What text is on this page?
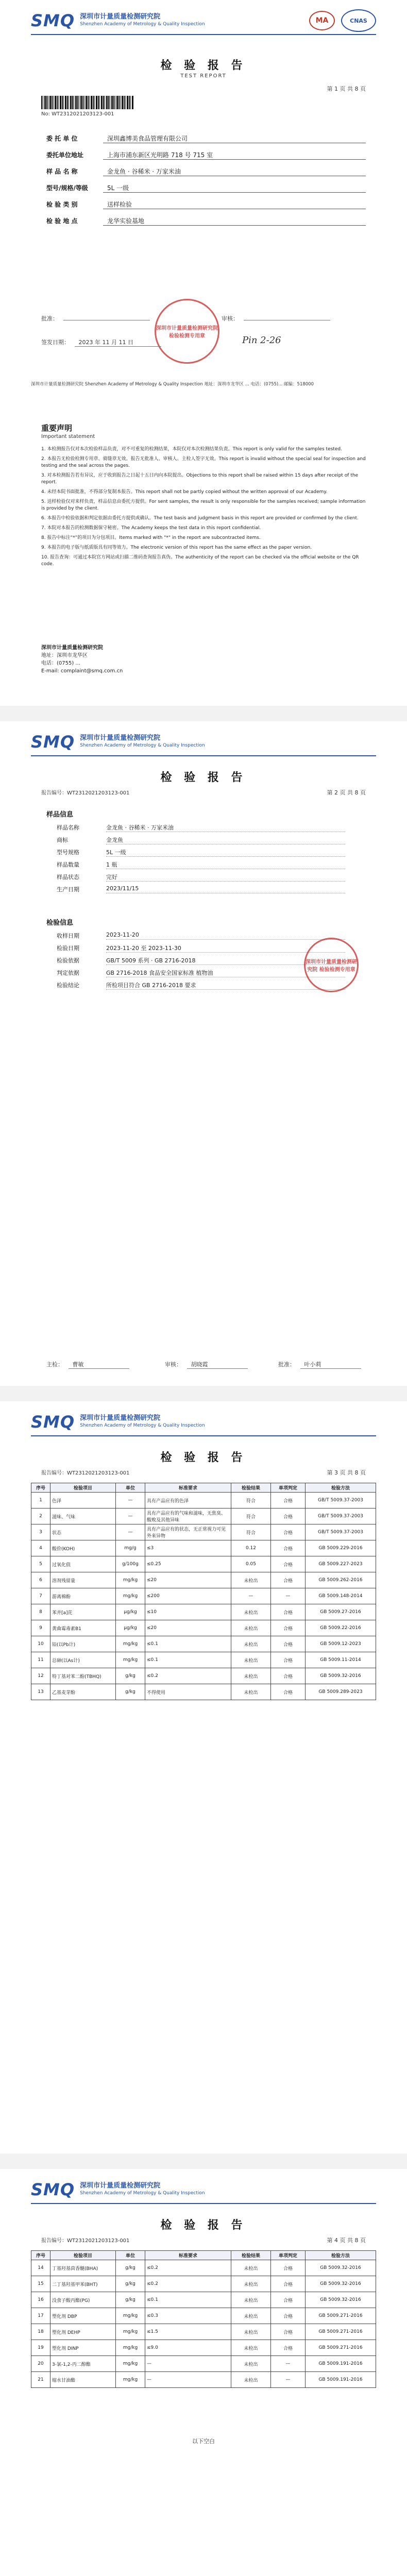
SMQ 深圳市计量质量检测研究院
Shenzhen Academy of Metrology & Quality Inspection	MA	CNAS
检 验 报 告
TEST REPORT
第 1 页 共 8 页
No: WT2312021203123-001
委 托 单 位	深圳鑫博美食品管理有限公司
委托单位地址	上海市浦东新区光明路 718 号 715 室
样 品 名 称	金龙鱼 · 谷稀米 · 万家米油
型号/规格/等级	5L 一级
检 验 类 别	送样检验
检 验 地 点	龙华实验基地
深圳市计量质量检测研究院 检验检测专用章
批准：	审核：
签发日期： 2023 年 11 月 11 日	Pin 2-26
深圳市计量质量检测研究院 Shenzhen Academy of Metrology & Quality Inspection 地址：深圳市龙华区 ... 电话：(0755)... 邮编：518000
重要声明
Important statement

1. 本检测报告仅对本次检验样品负责，对不可重复的检测结果，本院仅对本次检测结果负责。This report is only valid for the samples tested.

2. 本报告无检验检测专用章、骑缝章无效。报告无批准人、审核人、主检人签字无效。This report is invalid without the special seal for inspection and testing and the seal across the pages.

3. 对本检测报告若有异议，应于收到报告之日起十五日内向本院提出。Objections to this report shall be raised within 15 days after receipt of the report.

4. 未经本院书面批准，不得部分复制本报告。This report shall not be partly copied without the written approval of our Academy.

5. 送样检验仅对来样负责，样品信息由委托方提供。For sent samples, the result is only responsible for the samples received; sample information is provided by the client.

6. 本报告中检验依据和判定依据由委托方提供或确认。The test basis and judgment basis in this report are provided or confirmed by the client.

7. 本院对本报告的检测数据保守秘密。The Academy keeps the test data in this report confidential.

8. 报告中标注“*”的项目为分包项目。Items marked with "*" in the report are subcontracted items.

9. 本报告的电子版与纸质版具有同等效力。The electronic version of this report has the same effect as the paper version.

10. 报告查询：可通过本院官方网站或扫描二维码查询报告真伪。The authenticity of the report can be checked via the official website or the QR code.

深圳市计量质量检测研究院
地址：深圳市龙华区
电话：(0755) ...
E-mail: complaint@smq.com.cn
SMQ 深圳市计量质量检测研究院
Shenzhen Academy of Metrology & Quality Inspection
检 验 报 告
报告编号：WT2312021203123-001	第 2 页 共 8 页
样品信息
样品名称	金龙鱼 · 谷稀米 · 万家米油
商标	金龙鱼
型号规格	5L 一级
样品数量	1 瓶
样品状态	完好
生产日期	2023/11/15
检验信息
收样日期	2023-11-20
检验日期	2023-11-20 至 2023-11-30
检验依据	GB/T 5009 系列 · GB 2716-2018
判定依据	GB 2716-2018 食品安全国家标准 植物油
检验结论	所检项目符合 GB 2716-2018 要求
深圳市计量质量检测研究院 检验检测专用章
主检： 曹敏	审核： 胡晓霞	批准： 叶小莉
SMQ 深圳市计量质量检测研究院
Shenzhen Academy of Metrology & Quality Inspection
检 验 报 告
报告编号：WT2312021203123-001	第 3 页 共 8 页
序号	检验项目	单位	标准要求	检验结果	单项判定	检验方法
1	色泽	—	具有产品应有的色泽	符合	合格	GB/T 5009.37-2003
2	滋味、气味	—	具有产品应有的气味和滋味，无焦臭、酸败及其他异味	符合	合格	GB/T 5009.37-2003
3	状态	—	具有产品应有的状态，无正常视力可见外来异物	符合	合格	GB/T 5009.37-2003
4	酸价(KOH)	mg/g	≤3	0.12	合格	GB 5009.229-2016
5	过氧化值	g/100g	≤0.25	0.05	合格	GB 5009.227-2023
6	溶剂残留量	mg/kg	≤20	未检出	合格	GB 5009.262-2016
7	游离棉酚	mg/kg	≤200	—	—	GB 5009.148-2014
8	苯并[a]芘	μg/kg	≤10	未检出	合格	GB 5009.27-2016
9	黄曲霉毒素B1	μg/kg	≤20	未检出	合格	GB 5009.22-2016
10	铅(以Pb计)	mg/kg	≤0.1	未检出	合格	GB 5009.12-2023
11	总砷(以As计)	mg/kg	≤0.1	未检出	合格	GB 5009.11-2014
12	特丁基对苯二酚(TBHQ)	g/kg	≤0.2	未检出	合格	GB 5009.32-2016
13	乙基麦芽酚	g/kg	不得使用	未检出	合格	GB 5009.289-2023
SMQ 深圳市计量质量检测研究院
Shenzhen Academy of Metrology & Quality Inspection
检 验 报 告
报告编号：WT2312021203123-001	第 4 页 共 8 页
序号	检验项目	单位	标准要求	检验结果	单项判定	检验方法
14	丁基羟基茴香醚(BHA)	g/kg	≤0.2	未检出	合格	GB 5009.32-2016
15	二丁基羟基甲苯(BHT)	g/kg	≤0.2	未检出	合格	GB 5009.32-2016
16	没食子酸丙酯(PG)	g/kg	≤0.1	未检出	合格	GB 5009.32-2016
17	塑化剂 DBP	mg/kg	≤0.3	未检出	合格	GB 5009.271-2016
18	塑化剂 DEHP	mg/kg	≤1.5	未检出	合格	GB 5009.271-2016
19	塑化剂 DINP	mg/kg	≤9.0	未检出	合格	GB 5009.271-2016
20	3-氯-1,2-丙二醇酯	mg/kg	—	未检出	—	GB 5009.191-2016
21	缩水甘油酯	mg/kg	—	未检出	—	GB 5009.191-2016
以下空白
